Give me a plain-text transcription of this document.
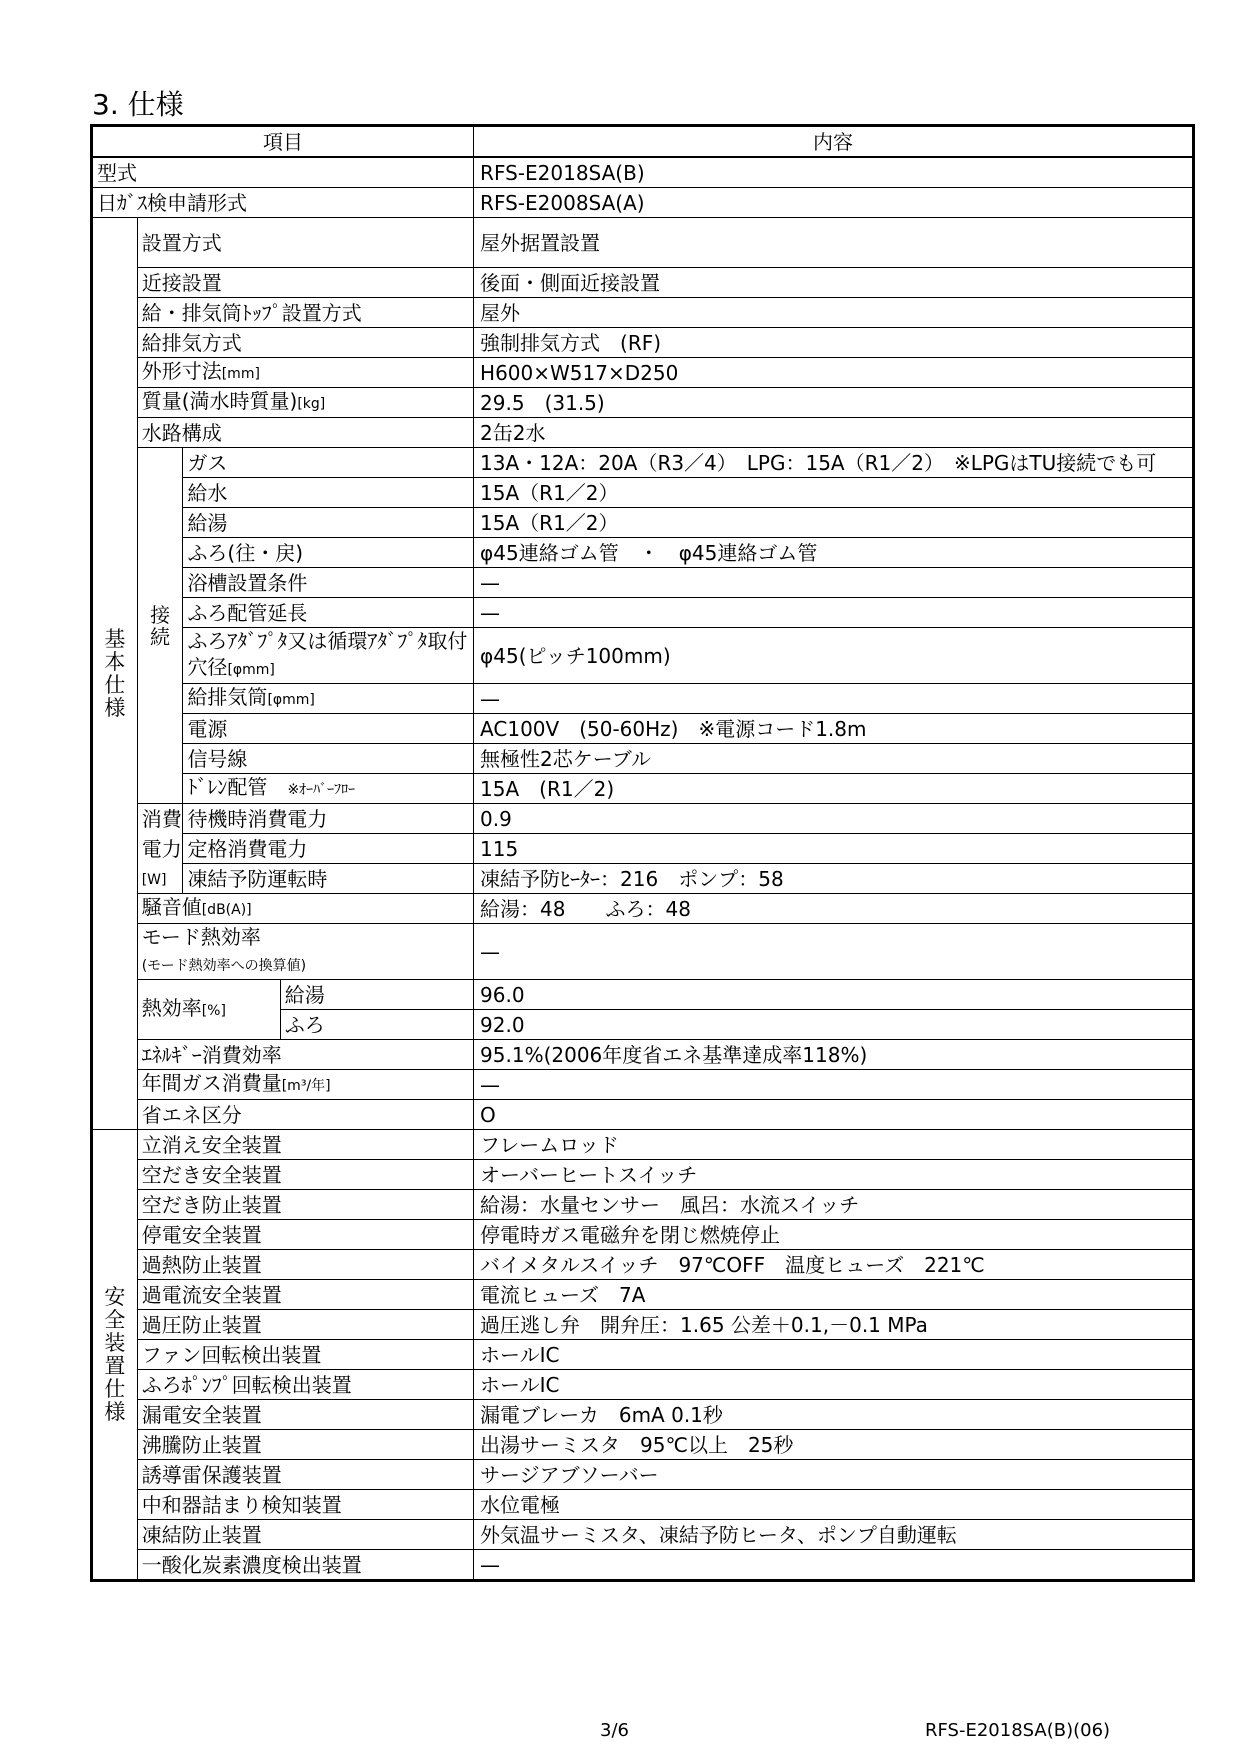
3. 仕様
項目				内容
型式				RFS-E2018SA(B)
日ｶﾞｽ検申請形式				RFS-E2008SA(A)

基本仕様	設置方式			屋外据置設置
	近接設置			後面・側面近接設置
	給・排気筒ﾄｯﾌﾟ設置方式			屋外
	給排気方式			強制排気方式　(RF)
	外形寸法[mm]			H600×W517×D250
	質量(満水時質量)[kg]			29.5　(31.5)
	水路構成			2缶2水

	接続	ガス		13A・12A：20A（R3／4）　LPG：15A（R1／2）　※LPGはTU接続でも可
		給水		15A（R1／2）
		給湯		15A（R1／2）
		ふろ(往・戻)		φ45連絡ゴム管　・　φ45連絡ゴム管
		浴槽設置条件		—
		ふろ配管延長		—
		ふろｱﾀﾞﾌﾟﾀ又は循環ｱﾀﾞﾌﾟﾀ取付穴径[φmm]		φ45(ピッチ100mm)
		給排気筒[φmm]		—
		電源		AC100V　(50-60Hz)　※電源コード1.8m
		信号線		無極性2芯ケーブル
		ﾄﾞﾚﾝ配管　 ※ｵｰﾊﾞｰﾌﾛｰ		15A　(R1／2)
	消費	待機時消費電力		0.9
	電力	定格消費電力		115
	[W]	凍結予防運転時		凍結予防ﾋｰﾀｰ：216　ポンプ：58
	騒音値[dB(A)]			給湯：48　　ふろ：48
	モード熱効率
(モード熱効率への換算値)			—
	熱効率[%]		給湯	96.0
			ふろ	92.0
	ｴﾈﾙｷﾞｰ消費効率			95.1%(2006年度省エネ基準達成率118%)
	年間ガス消費量[m³/年]			—
	省エネ区分			O

安全装置仕様	立消え安全装置			フレームロッド
	空だき安全装置			オーバーヒートスイッチ
	空だき防止装置			給湯：水量センサー　風呂：水流スイッチ
	停電安全装置			停電時ガス電磁弁を閉じ燃焼停止
	過熱防止装置			バイメタルスイッチ　97℃OFF　温度ヒューズ　221℃
	過電流安全装置			電流ヒューズ　7A
	過圧防止装置			過圧逃し弁　開弁圧：1.65 公差＋0.1,－0.1 MPa
	ファン回転検出装置			ホールIC
	ふろﾎﾟﾝﾌﾟ回転検出装置			ホールIC
	漏電安全装置			漏電ブレーカ　6mA 0.1秒
	沸騰防止装置			出湯サーミスタ　95℃以上　25秒
	誘導雷保護装置			サージアブソーバー
	中和器詰まり検知装置			水位電極
	凍結防止装置			外気温サーミスタ、凍結予防ヒータ、ポンプ自動運転
	一酸化炭素濃度検出装置			—
3/6	RFS-E2018SA(B)(06)
